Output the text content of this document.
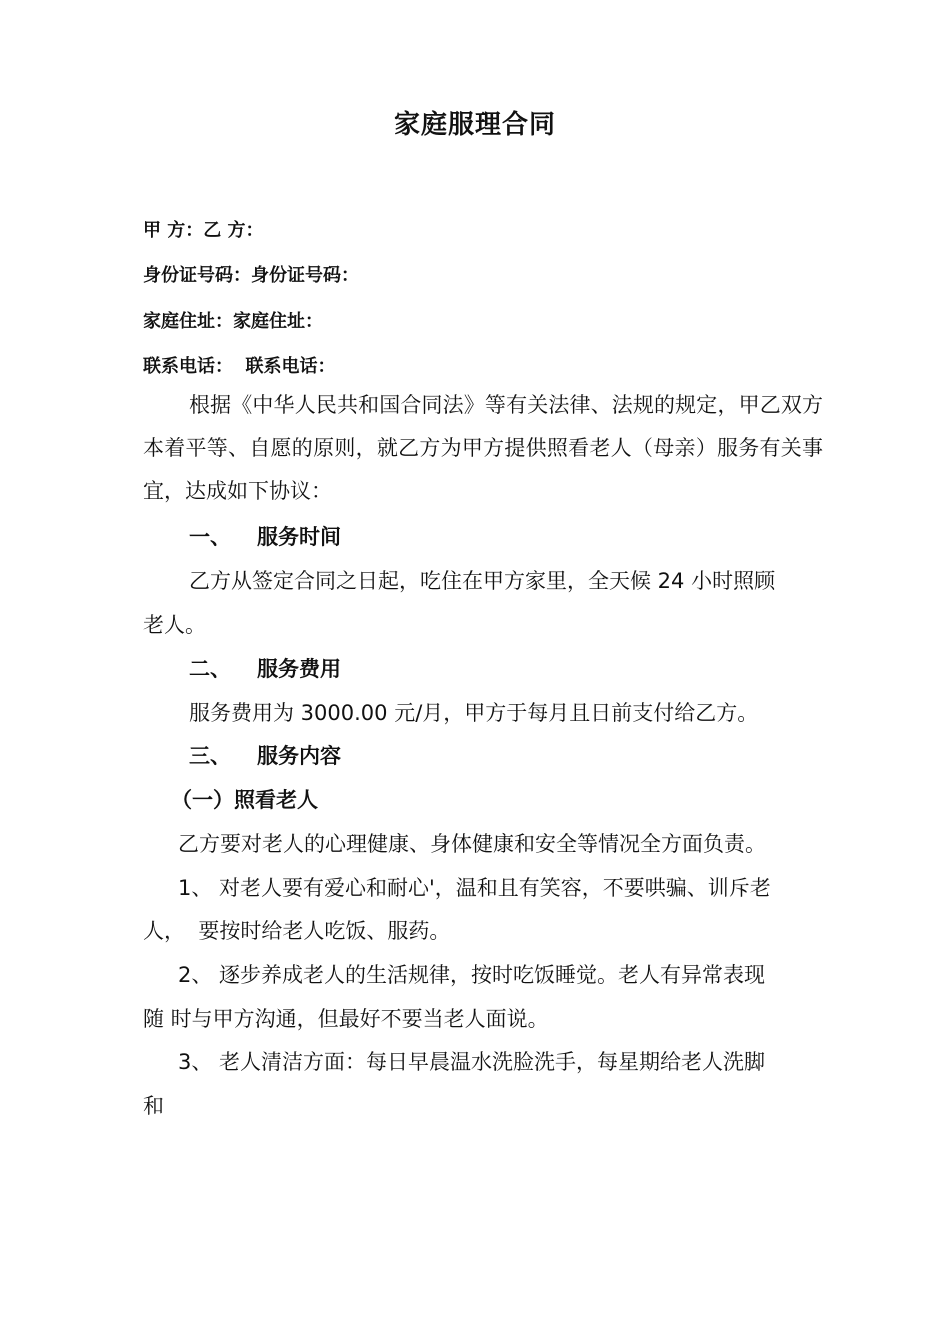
家庭服理合同
甲 方：乙 方：
身份证号码：身份证号码：
家庭住址：家庭住址：
联系电话：  联系电话：
根据《中华人民共和国合同法》等有关法律、法规的规定，甲乙双方本着平等、自愿的原则，就乙方为甲方提供照看老人（母亲）服务有关事宜，达成如下协议：
一、 服务时间
乙方从签定合同之日起，吃住在甲方家里，全天候 24 小时照顾
老人。
二、 服务费用
服务费用为 3000.00 元/月，甲方于每月且日前支付给乙方。
三、 服务内容
（一）照看老人
乙方要对老人的心理健康、身体健康和安全等情况全方面负责。
1、 对老人要有爱心和耐心'，温和且有笑容，不要哄骗、训斥老
人，  要按时给老人吃饭、服药。
2、 逐步养成老人的生活规律，按时吃饭睡觉。老人有异常表现
随 时与甲方沟通，但最好不要当老人面说。
3、 老人清洁方面：每日早晨温水洗脸洗手，每星期给老人洗脚
和
